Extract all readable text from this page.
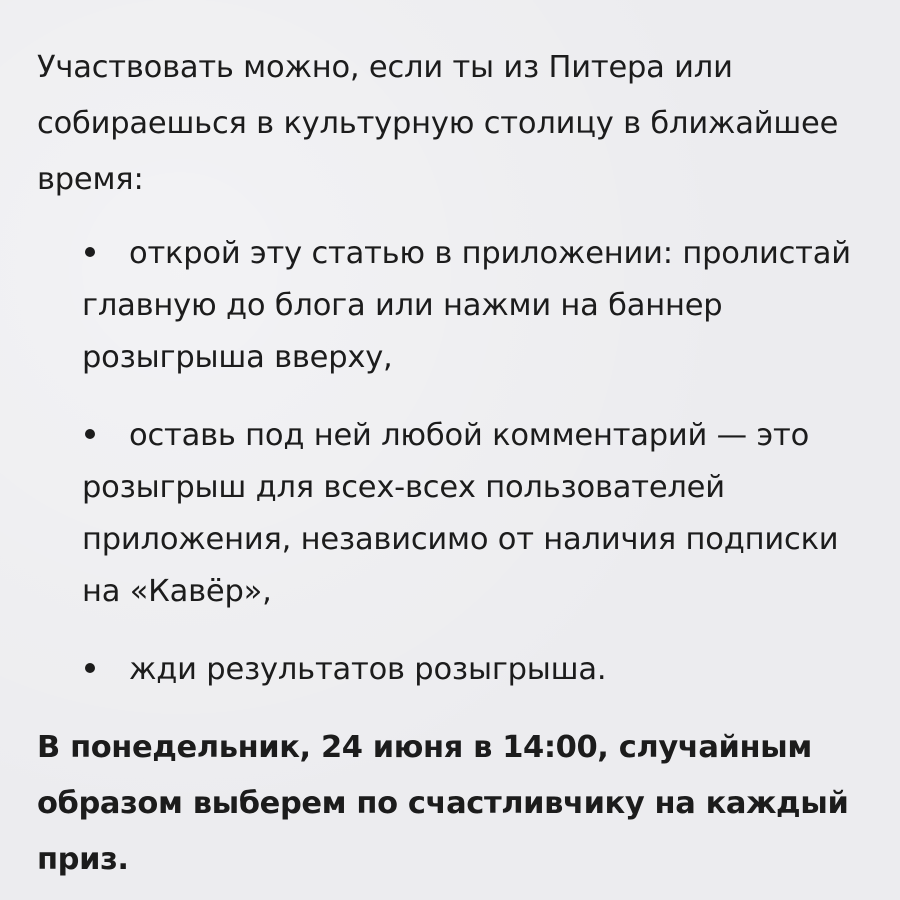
Участвовать можно, если ты из Питера или собираешься в культурную столицу в ближайшее время:

открой эту статью в приложении: пролистай главную до блога или нажми на баннер розыгрыша вверху,
оставь под ней любой комментарий — это розыгрыш для всех-всех пользователей приложения, независимо от наличия подписки на «Кавёр»,
жди результатов розыгрыша.

В понедельник, 24 июня в 14:00, случайным образом выберем по счастливчику на каждый приз.
